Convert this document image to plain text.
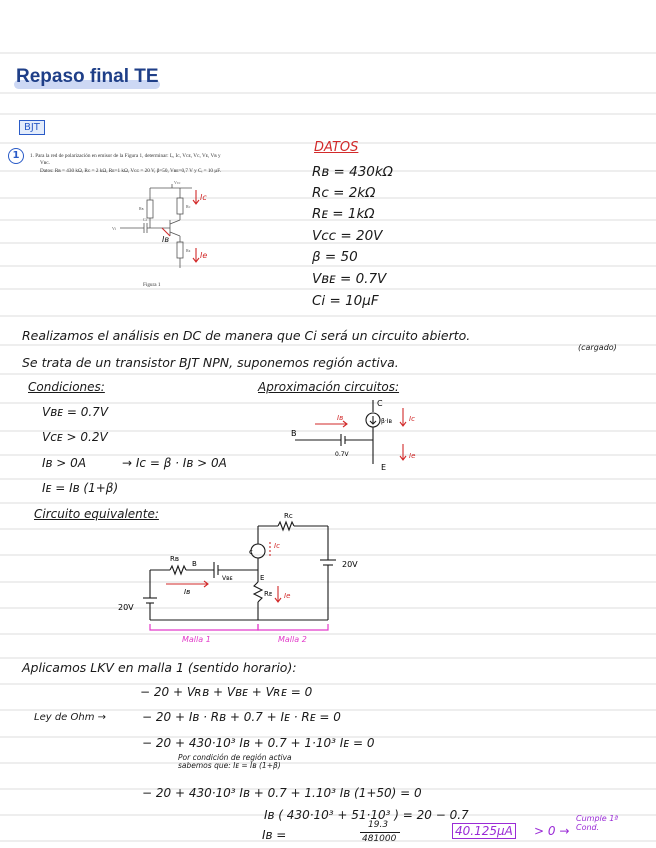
Repaso final TE
BJT
1	1. Para la red de polarización en emisor de la Figura 1, determinar: Iₑ, Iᴄ, Vᴄᴇ, Vᴄ, Vᴇ, Vʙ y
Vʙᴄ.
Datos: Rʙ = 430 kΩ, Rᴄ = 2 kΩ, Rᴇ=1 kΩ, Vᴄᴄ = 20 V, β=50, Vʙᴇ=0,7 V y Cᵢ = 10 µF.
Vcc
Rc
Rʙ
Rᴇ
Ci
Vi
Ic
Iʙ
Ie
Figura 1
DATOS
Rʙ = 430kΩ
Rc = 2kΩ
Rᴇ = 1kΩ
Vcc = 20V
β = 50
Vʙᴇ = 0.7V
Ci = 10µF
Realizamos el análisis en DC de manera que Ci será un circuito abierto.
(cargado)
Se trata de un transistor BJT NPN, suponemos región activa.
Condiciones:
Vʙᴇ = 0.7V
Vcᴇ > 0.2V
Iʙ > 0A	→ Ic = β · Iʙ > 0A
Iᴇ = Iʙ (1+β)
Aproximación circuitos:
C
B
E
Iʙ	β·Iʙ Ic
Ie
0.7V
Circuito equivalente:	Rc
Rʙ
B
c
E
Vʙᴇ
Rᴇ
Iʙ
Ic
Ie
20V
20V
Malla 1	Malla 2
Aplicamos LKV en malla 1 (sentido horario):
− 20 + Vʀʙ + Vʙᴇ + Vʀᴇ = 0
Ley de Ohm →	− 20 + Iʙ · Rʙ + 0.7 + Iᴇ · Rᴇ = 0
− 20 + 430·10³ Iʙ + 0.7 + 1·10³ Iᴇ = 0
Por condición de región activa sabemos que: Iᴇ = Iʙ (1+β)
− 20 + 430·10³ Iʙ + 0.7 + 1.10³ Iʙ (1+50) = 0
Iʙ ( 430·10³ + 51·10³ ) = 20 − 0.7
Iʙ =
19.3
481000
40.125µA > 0 →
Cumple 1ª Cond.
